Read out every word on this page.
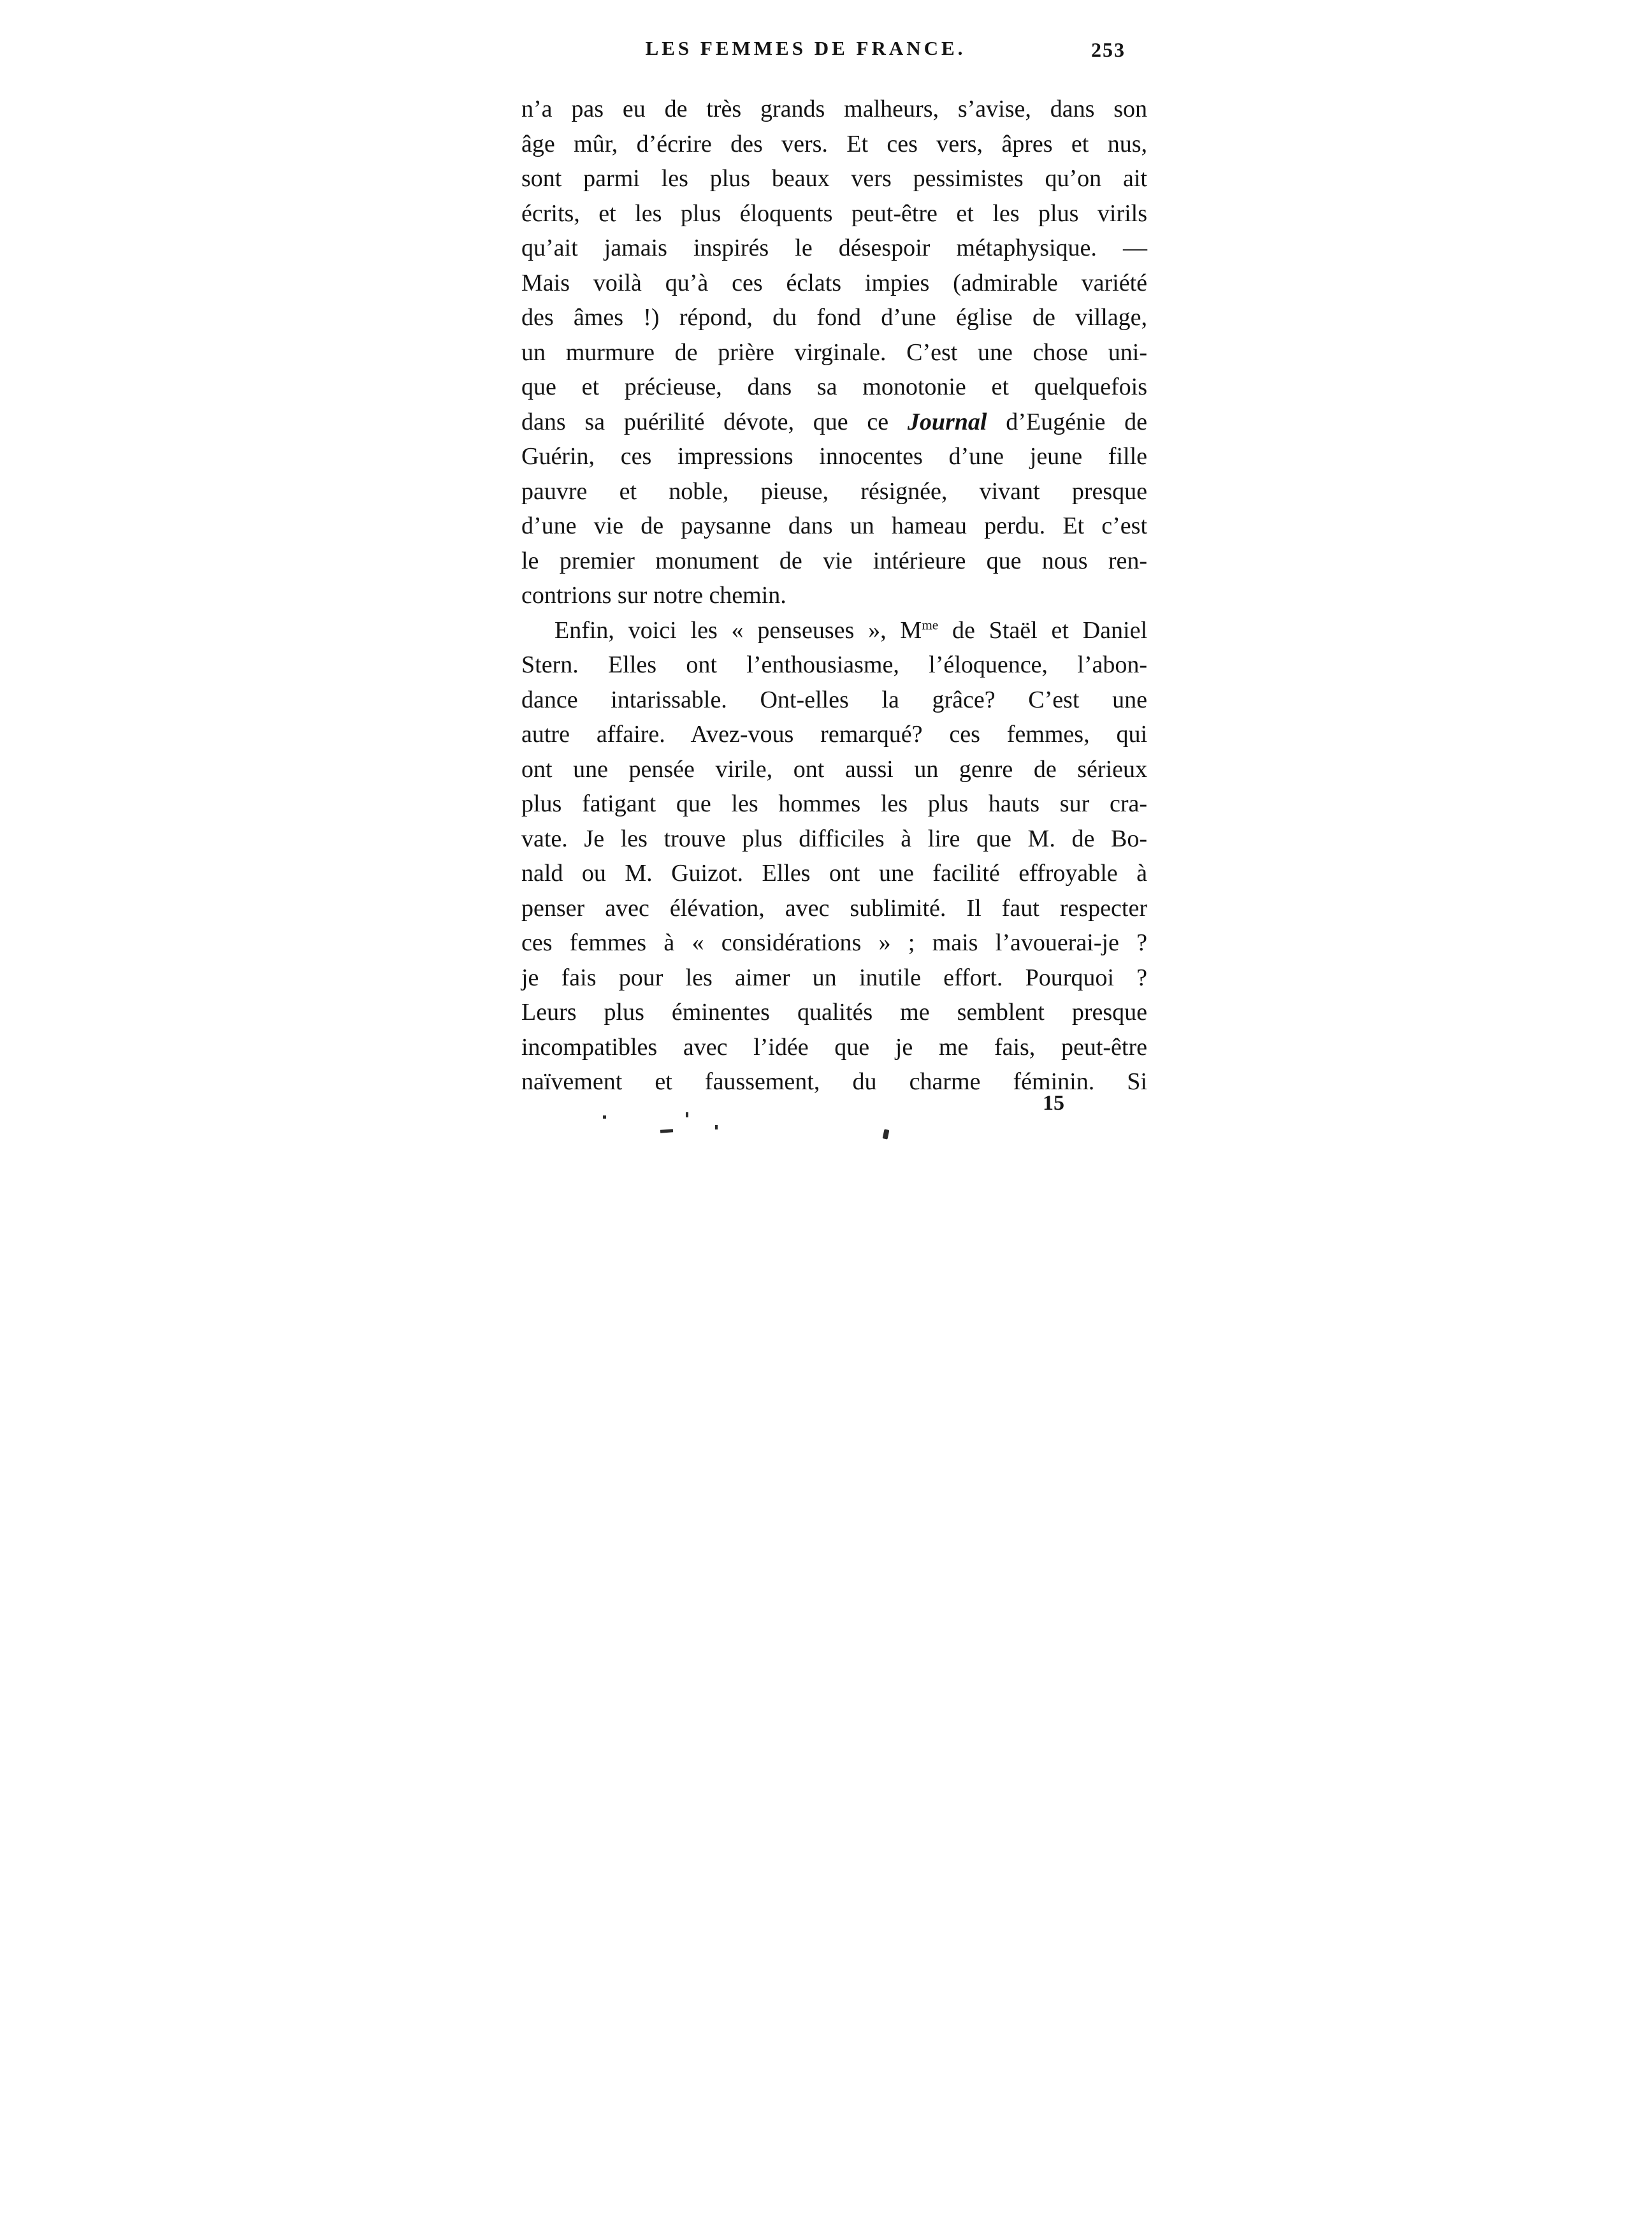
LES FEMMES DE FRANCE.	253
n’a pas eu de très grands malheurs, s’avise, dans son
âge mûr, d’écrire des vers. Et ces vers, âpres et nus,
sont parmi les plus beaux vers pessimistes qu’on ait
écrits, et les plus éloquents peut-être et les plus virils
qu’ait jamais inspirés le désespoir métaphysique. —
Mais voilà qu’à ces éclats impies (admirable variété
des âmes !) répond, du fond d’une église de village,
un murmure de prière virginale. C’est une chose uni-
que et précieuse, dans sa monotonie et quelquefois
dans sa puérilité dévote, que ce Journal d’Eugénie de
Guérin, ces impressions innocentes d’une jeune fille
pauvre et noble, pieuse, résignée, vivant presque
d’une vie de paysanne dans un hameau perdu. Et c’est
le premier monument de vie intérieure que nous ren-
contrions sur notre chemin.
Enfin, voici les « penseuses », $M^{me}$ de Staël et Daniel
Stern. Elles ont l’enthousiasme, l’éloquence, l’abon-
dance intarissable. Ont-elles la grâce? C’est une
autre affaire. Avez-vous remarqué? ces femmes, qui
ont une pensée virile, ont aussi un genre de sérieux
plus fatigant que les hommes les plus hauts sur cra-
vate. Je les trouve plus difficiles à lire que M. de Bo-
nald ou M. Guizot. Elles ont une facilité effroyable à
penser avec élévation, avec sublimité. Il faut respecter
ces femmes à « considérations » ; mais l’avouerai-je ?
je fais pour les aimer un inutile effort. Pourquoi ?
Leurs plus éminentes qualités me semblent presque
incompatibles avec l’idée que je me fais, peut-être
naïvement et faussement, du charme féminin. Si
15
